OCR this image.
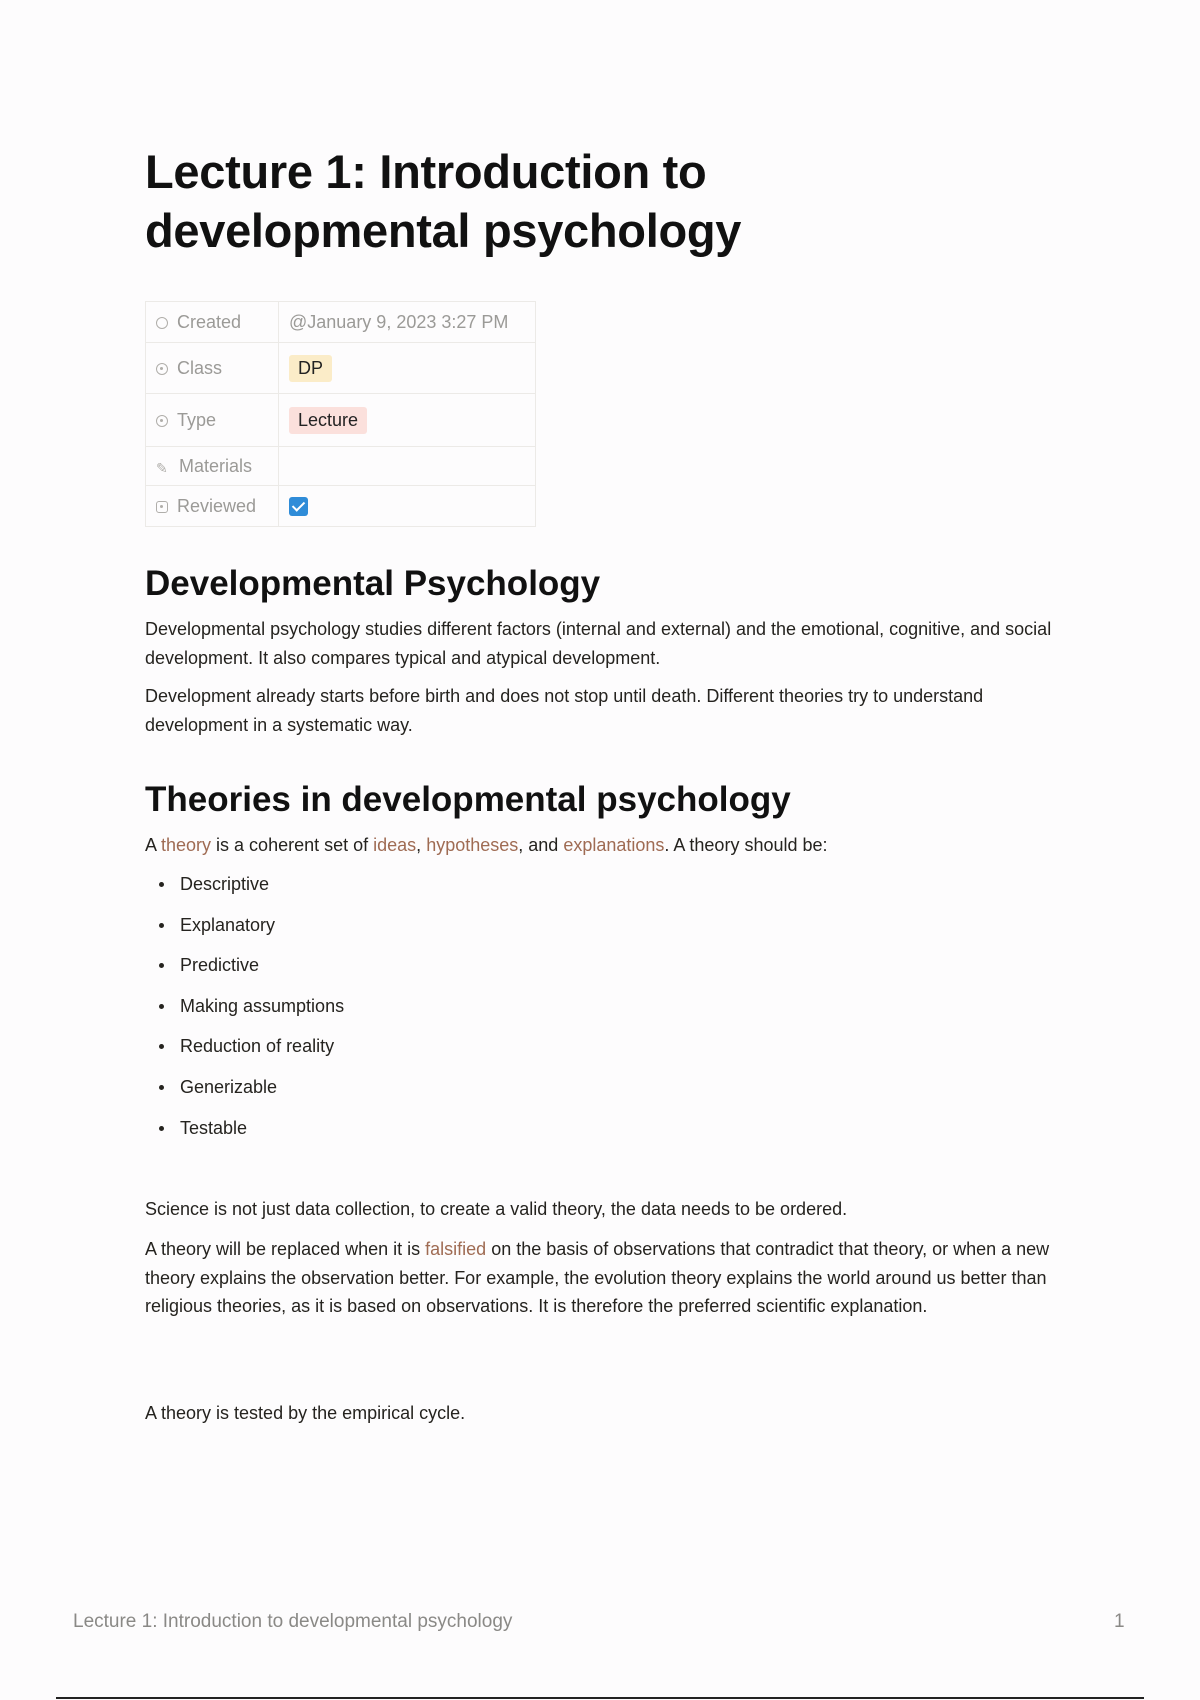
Lecture 1: Introduction to developmental psychology
Created	@January 9, 2023 3:27 PM
Class	DP
Type	Lecture
✎ Materials	
Reviewed	
Developmental Psychology

Developmental psychology studies different factors (internal and external) and the emotional, cognitive, and social development. It also compares typical and atypical development.

Development already starts before birth and does not stop until death. Different theories try to understand development in a systematic way.

Theories in developmental psychology

A theory is a coherent set of ideas, hypotheses, and explanations. A theory should be:

Descriptive
Explanatory
Predictive
Making assumptions
Reduction of reality
Generizable
Testable

Science is not just data collection, to create a valid theory, the data needs to be ordered.

A theory will be replaced when it is falsified on the basis of observations that contradict that theory, or when a new theory explains the observation better. For example, the evolution theory explains the world around us better than religious theories, as it is based on observations. It is therefore the preferred scientific explanation.

A theory is tested by the empirical cycle.

Lecture 1: Introduction to developmental psychology	1
